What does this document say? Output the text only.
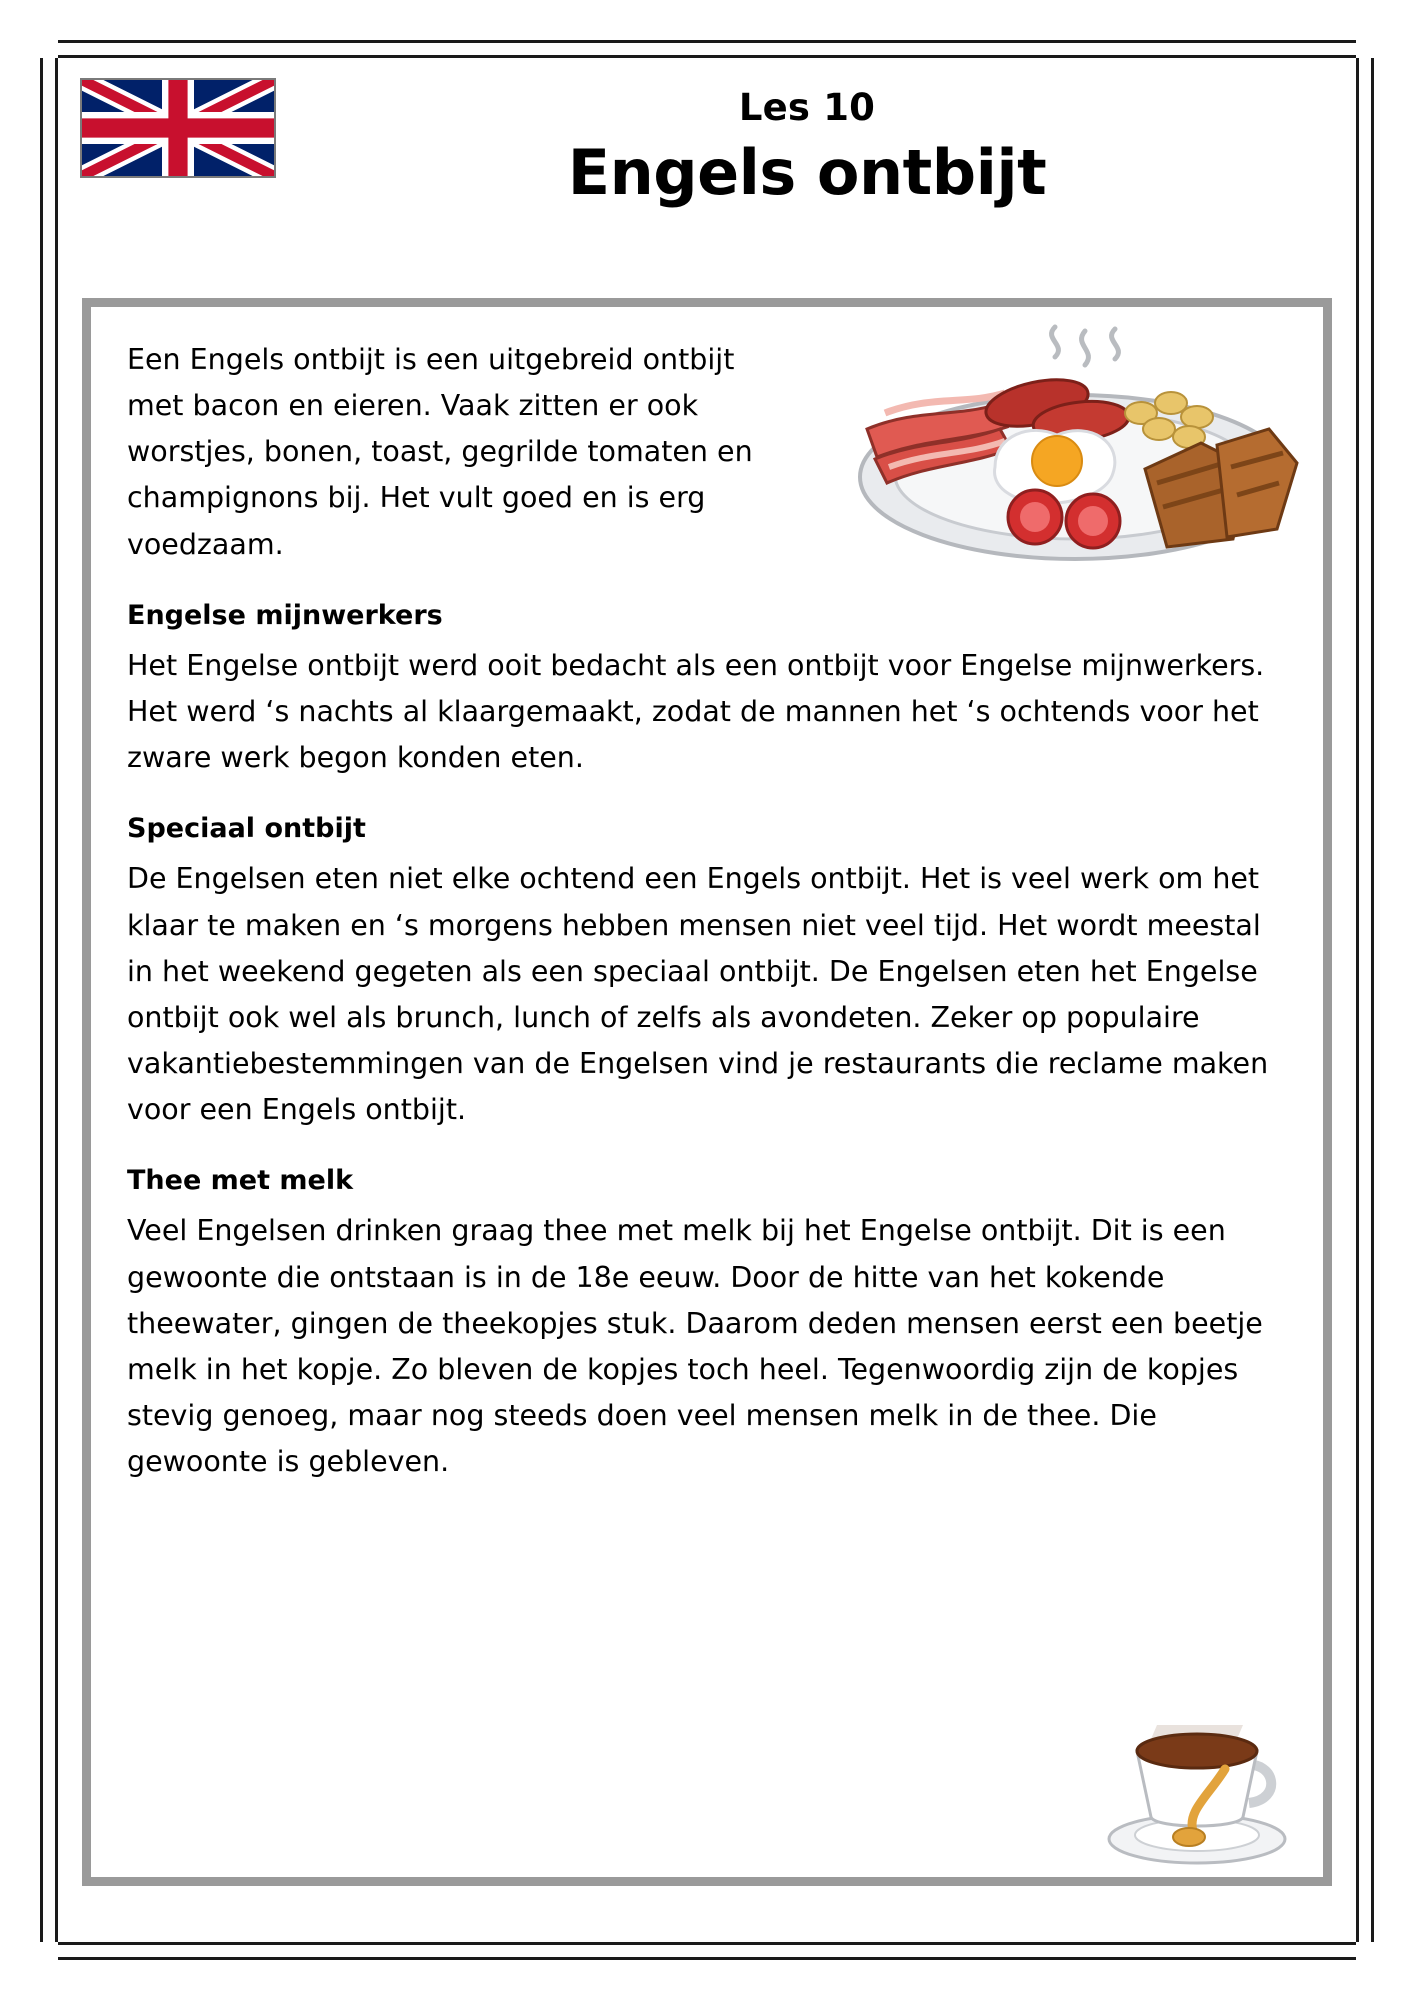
Les 10

Engels ontbijt

Een Engels ontbijt is een uitgebreid ontbijt met bacon en eieren. Vaak zitten er ook worstjes, bonen, toast, gegrilde tomaten en champignons bij. Het vult goed en is erg voedzaam.

Engelse mijnwerkers

Het Engelse ontbijt werd ooit bedacht als een ontbijt voor Engelse mijnwerkers. Het werd ‘s nachts al klaargemaakt, zodat de mannen het ‘s ochtends voor het zware werk begon konden eten.

Speciaal ontbijt

De Engelsen eten niet elke ochtend een Engels ontbijt. Het is veel werk om het klaar te maken en ‘s morgens hebben mensen niet veel tijd. Het wordt meestal in het weekend gegeten als een speciaal ontbijt. De Engelsen eten het Engelse ontbijt ook wel als brunch, lunch of zelfs als avondeten. Zeker op populaire vakantiebestemmingen van de Engelsen vind je restaurants die reclame maken voor een Engels ontbijt.

Thee met melk

Veel Engelsen drinken graag thee met melk bij het Engelse ontbijt. Dit is een gewoonte die ontstaan is in de 18e eeuw. Door de hitte van het kokende theewater, gingen de theekopjes stuk. Daarom deden mensen eerst een beetje melk in het kopje. Zo bleven de kopjes toch heel. Tegenwoordig zijn de kopjes stevig genoeg, maar nog steeds doen veel mensen melk in de thee. Die gewoonte is gebleven.
